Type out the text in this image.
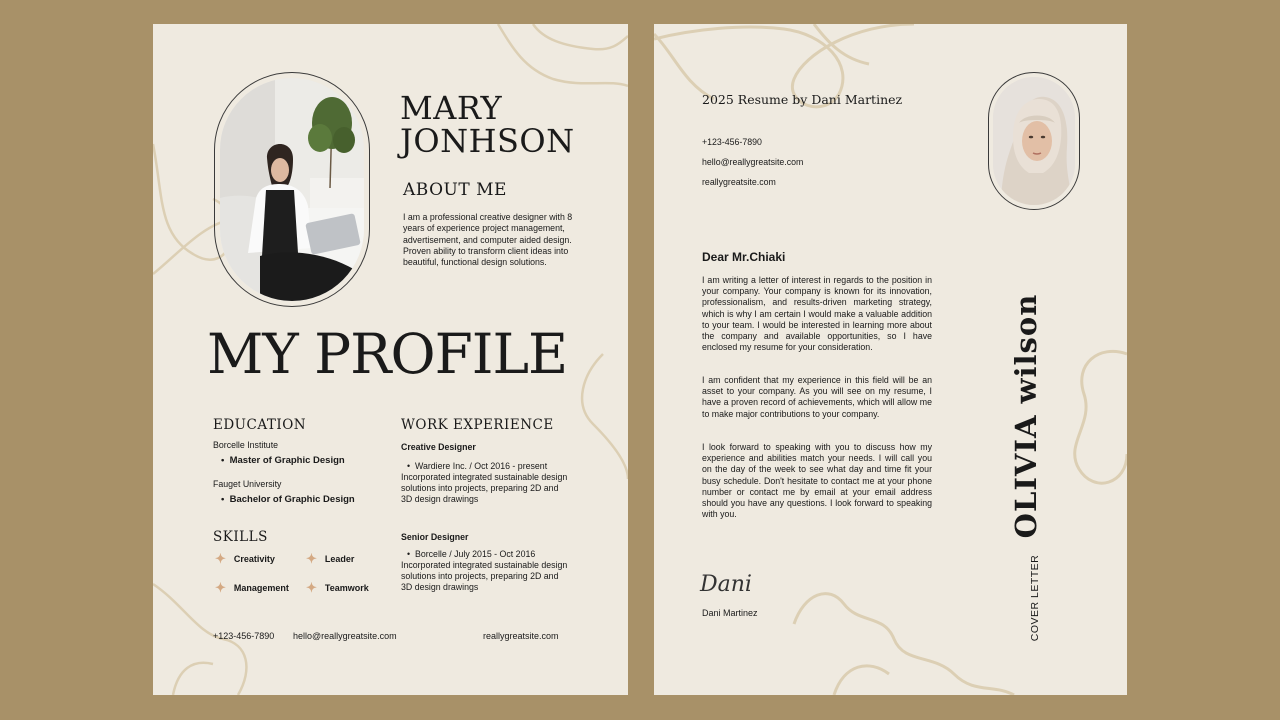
MARY
JONHSON
ABOUT ME

I am a professional creative designer with 8 years of experience project management, advertisement, and computer aided design. Proven ability to transform client ideas into beautiful, functional design solutions.

MY PROFILE
EDUCATION
Borcelle Institute
•  Master of Graphic Design
Fauget University
•  Bachelor of Graphic Design
SKILLS
✦ Creativity ✦ Leader
✦ Management ✦ Teamwork
WORK EXPERIENCE
Creative Designer
•  Wardiere Inc. / Oct 2016 - present
Incorporated integrated sustainable design solutions into projects, preparing 2D and 3D design drawings
Senior Designer
•  Borcelle / July 2015 - Oct 2016
Incorporated integrated sustainable design solutions into projects, preparing 2D and 3D design drawings
+123-456-7890 hello@reallygreatsite.com	reallygreatsite.com
2025 Resume by Dani Martinez
+123-456-7890
hello@reallygreatsite.com
reallygreatsite.com
Dear Mr.Chiaki

I am writing a letter of interest in regards to the position in your company. Your company is known for its innovation, professionalism, and results-driven marketing strategy, which is why I am certain I would make a valuable addition to your team. I would be interested in learning more about the company and available opportunities, so I have enclosed my resume for your consideration.

I am confident that my experience in this field will be an asset to your company. As you will see on my resume, I have a proven record of achievements, which will allow me to make major contributions to your company.

I look forward to speaking with you to discuss how my experience and abilities match your needs. I will call you on the day of the week to see what day and time fit your busy schedule. Don't hesitate to contact me at your phone number or contact me by email at your email address should you have any questions. I look forward to speaking with you.

Dani
Dani Martinez
OLIVIA wilson
COVER LETTER
